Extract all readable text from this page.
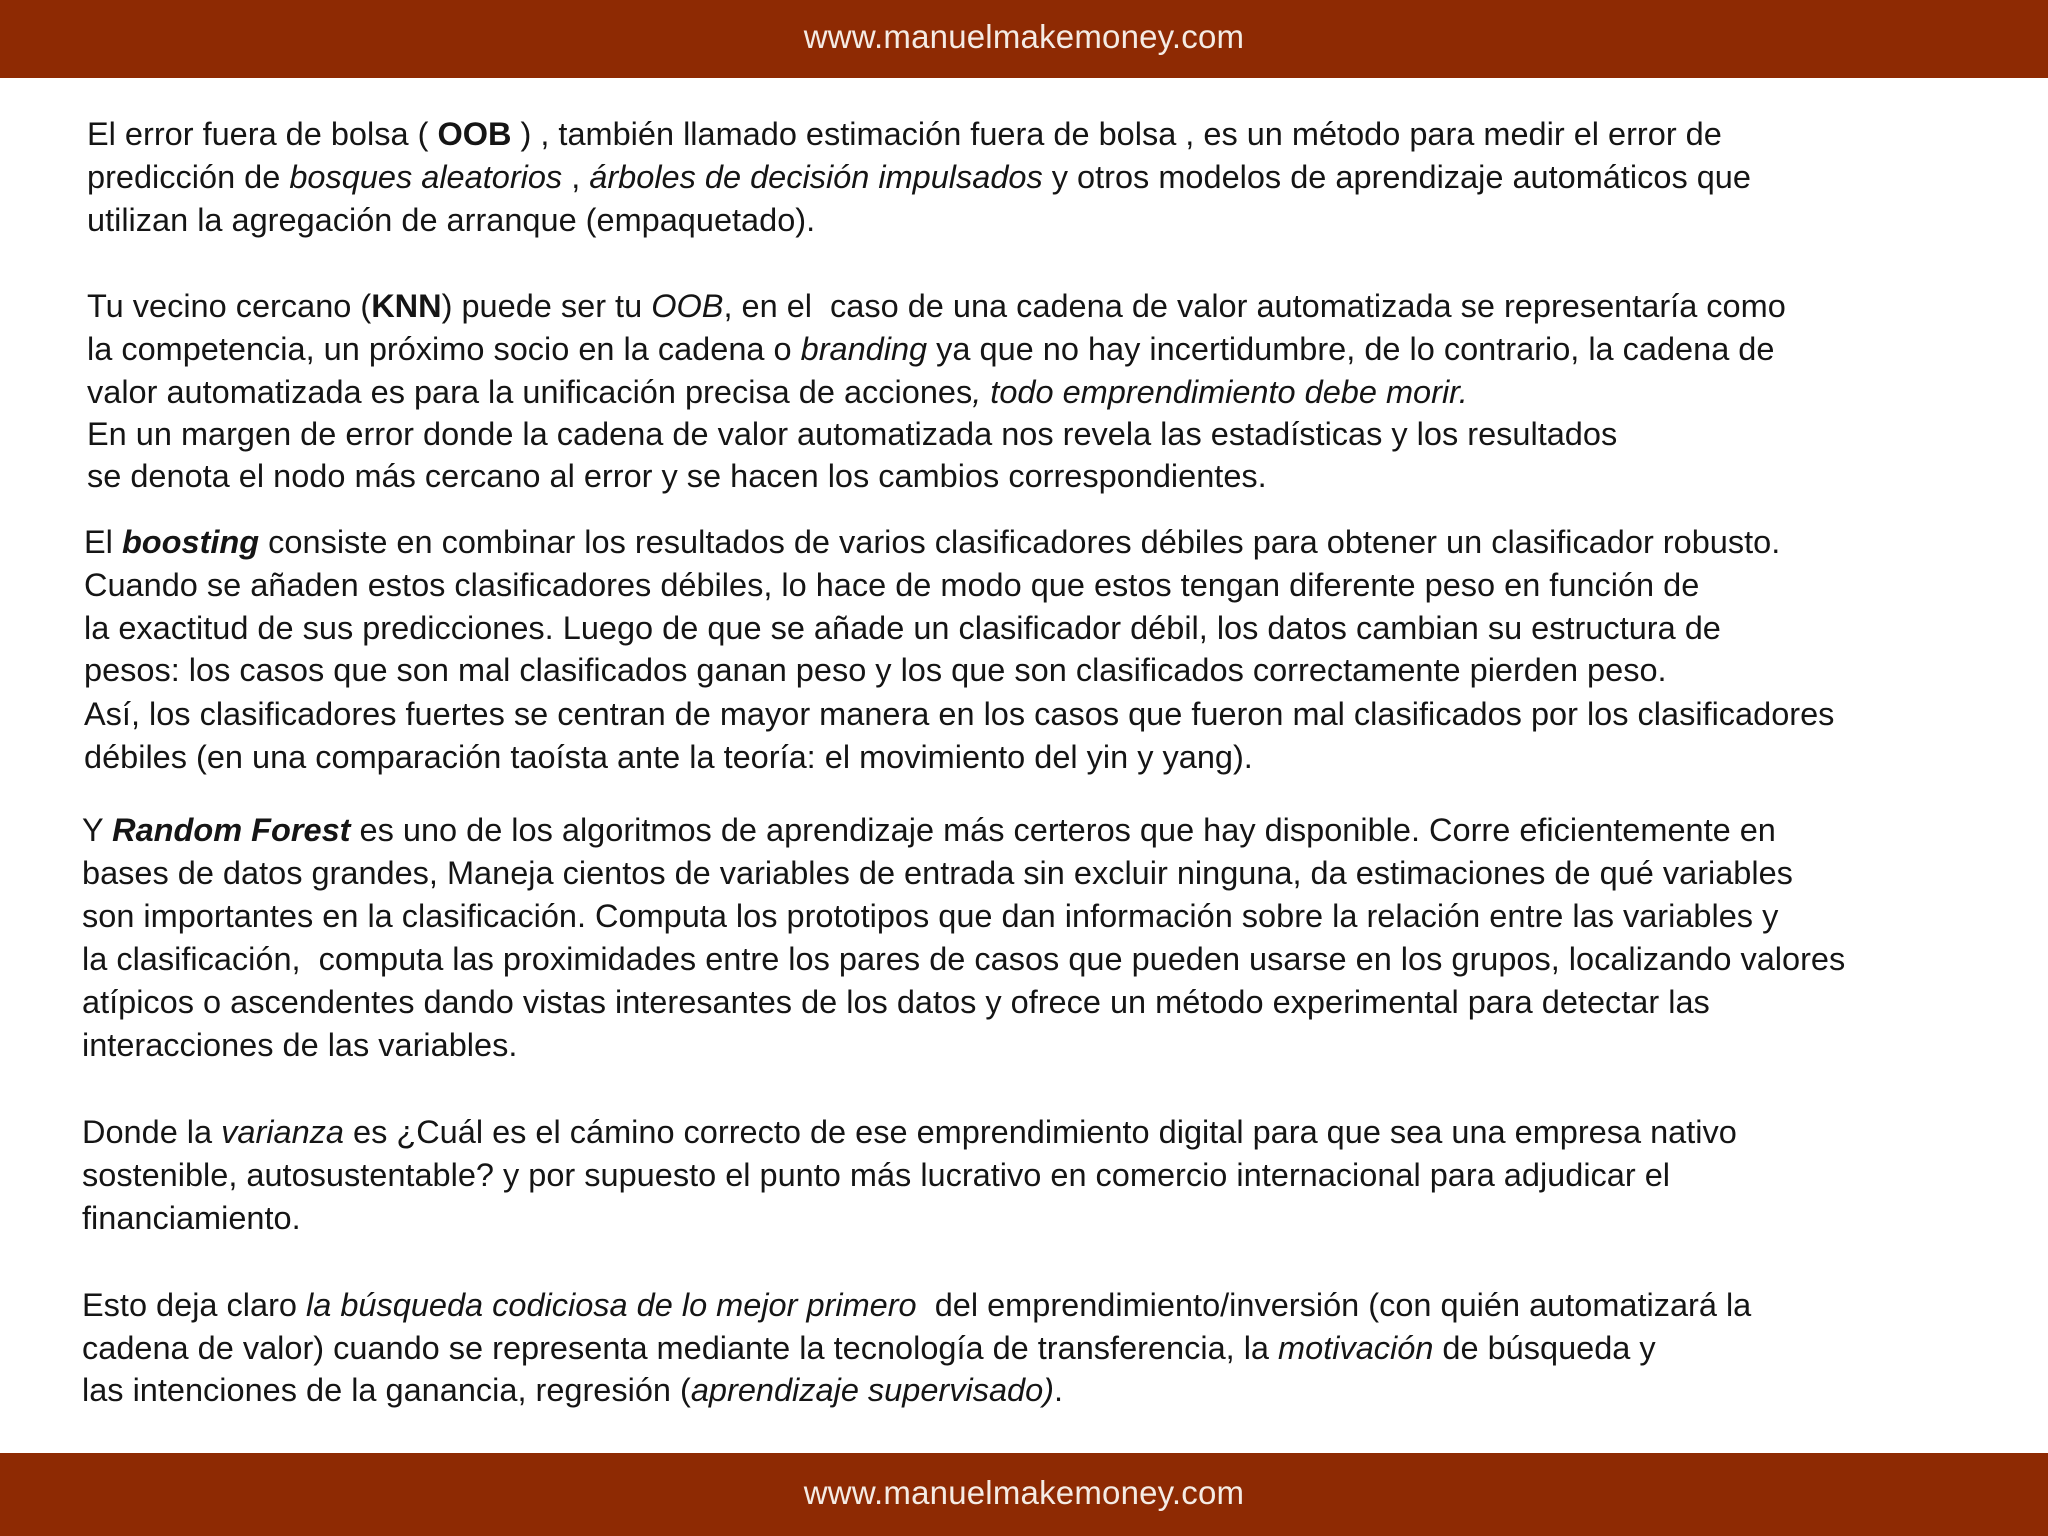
www.manuelmakemoney.com
El error fuera de bolsa ( OOB ) , también llamado estimación fuera de bolsa , es un método para medir el error de
predicción de bosques aleatorios , árboles de decisión impulsados y otros modelos de aprendizaje automáticos que
utilizan la agregación de arranque (empaquetado).
Tu vecino cercano (KNN) puede ser tu OOB, en el  caso de una cadena de valor automatizada se representaría como
la competencia, un próximo socio en la cadena o branding ya que no hay incertidumbre, de lo contrario, la cadena de
valor automatizada es para la unificación precisa de acciones, todo emprendimiento debe morir.
En un margen de error donde la cadena de valor automatizada nos revela las estadísticas y los resultados
se denota el nodo más cercano al error y se hacen los cambios correspondientes.
El boosting consiste en combinar los resultados de varios clasificadores débiles para obtener un clasificador robusto.
Cuando se añaden estos clasificadores débiles, lo hace de modo que estos tengan diferente peso en función de
la exactitud de sus predicciones. Luego de que se añade un clasificador débil, los datos cambian su estructura de
pesos: los casos que son mal clasificados ganan peso y los que son clasificados correctamente pierden peso.
Así, los clasificadores fuertes se centran de mayor manera en los casos que fueron mal clasificados por los clasificadores
débiles (en una comparación taoísta ante la teoría: el movimiento del yin y yang).
Y Random Forest es uno de los algoritmos de aprendizaje más certeros que hay disponible. Corre eficientemente en
bases de datos grandes, Maneja cientos de variables de entrada sin excluir ninguna, da estimaciones de qué variables
son importantes en la clasificación. Computa los prototipos que dan información sobre la relación entre las variables y
la clasificación,  computa las proximidades entre los pares de casos que pueden usarse en los grupos, localizando valores
atípicos o ascendentes dando vistas interesantes de los datos y ofrece un método experimental para detectar las
interacciones de las variables.
Donde la varianza es ¿Cuál es el cámino correcto de ese emprendimiento digital para que sea una empresa nativo
sostenible, autosustentable? y por supuesto el punto más lucrativo en comercio internacional para adjudicar el
financiamiento.
Esto deja claro la búsqueda codiciosa de lo mejor primero  del emprendimiento/inversión (con quién automatizará la
cadena de valor) cuando se representa mediante la tecnología de transferencia, la motivación de búsqueda y
las intenciones de la ganancia, regresión (aprendizaje supervisado).
www.manuelmakemoney.com
